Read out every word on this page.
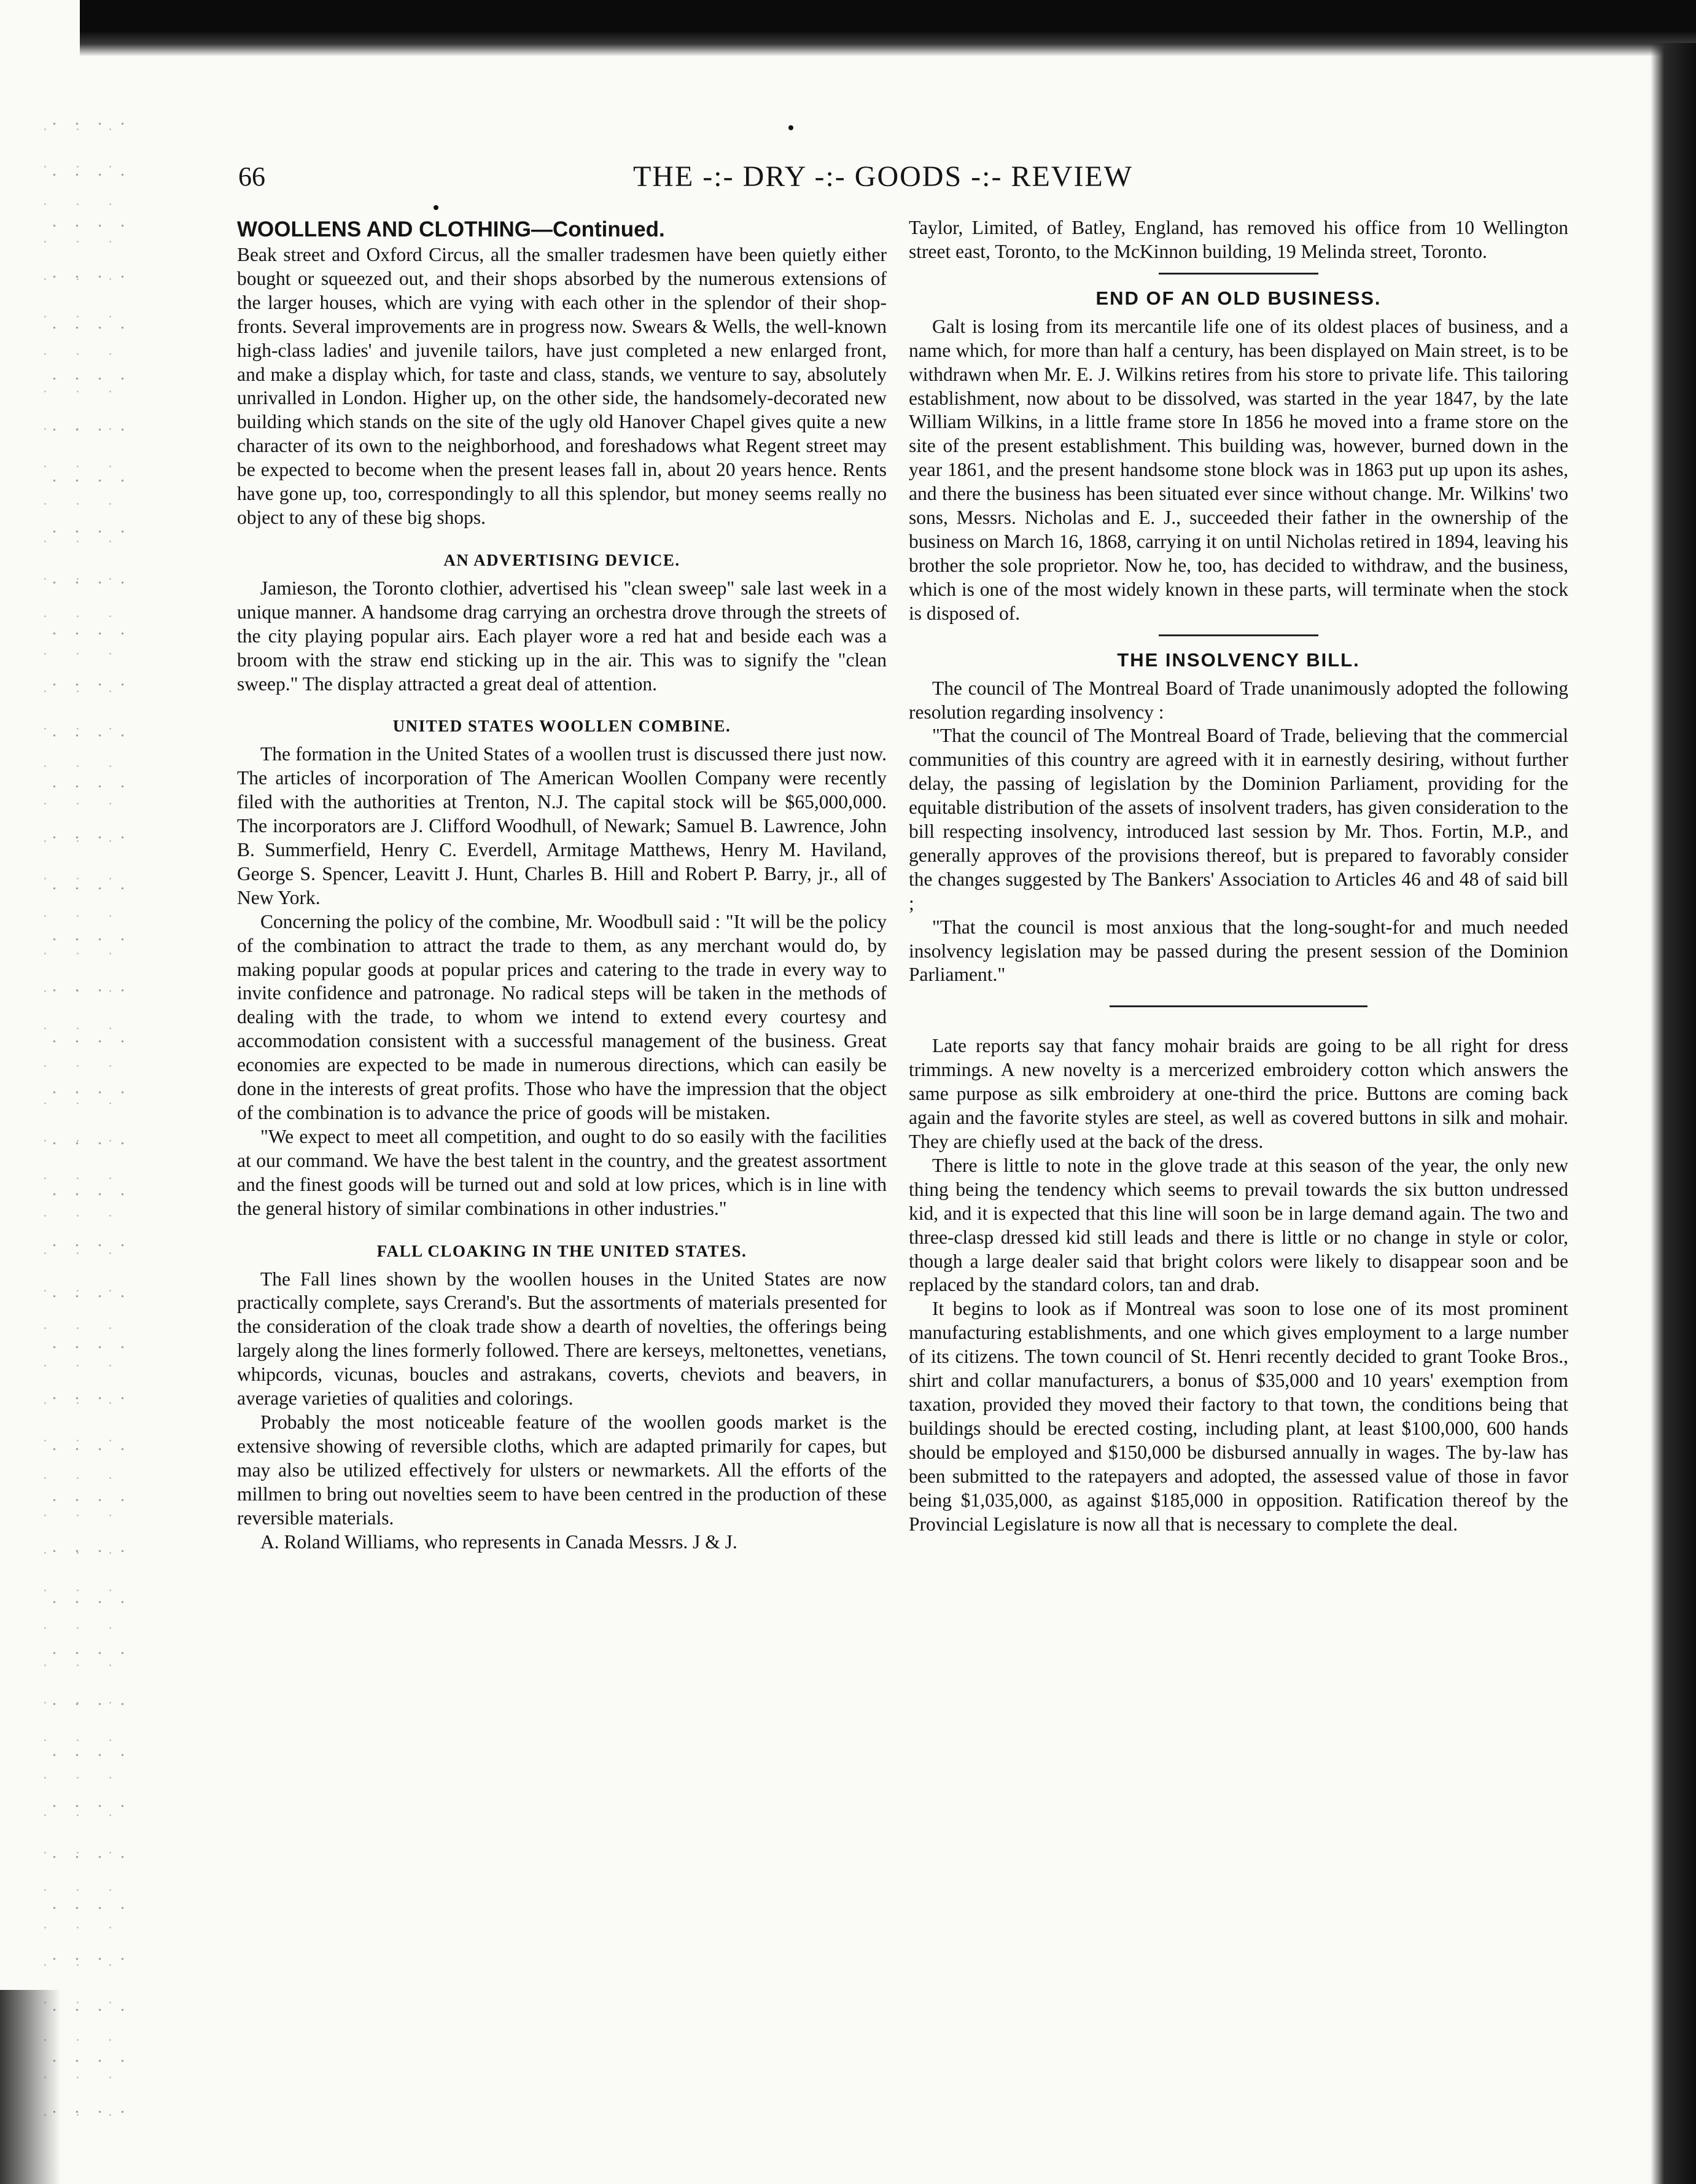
66	THE -:- DRY -:- GOODS -:- REVIEW
WOOLLENS AND CLOTHING—Continued.

Beak street and Oxford Circus, all the smaller tradesmen have been quietly either bought or squeezed out, and their shops absorbed by the numerous extensions of the larger houses, which are vying with each other in the splendor of their shop-fronts. Several improvements are in progress now. Swears & Wells, the well-known high-class ladies' and juvenile tailors, have just completed a new enlarged front, and make a display which, for taste and class, stands, we venture to say, absolutely unrivalled in London. Higher up, on the other side, the handsomely-decorated new building which stands on the site of the ugly old Hanover Chapel gives quite a new character of its own to the neighborhood, and foreshadows what Regent street may be expected to become when the present leases fall in, about 20 years hence. Rents have gone up, too, correspondingly to all this splendor, but money seems really no object to any of these big shops.

AN ADVERTISING DEVICE.

Jamieson, the Toronto clothier, advertised his "clean sweep" sale last week in a unique manner. A handsome drag carrying an orchestra drove through the streets of the city playing popular airs. Each player wore a red hat and beside each was a broom with the straw end sticking up in the air. This was to signify the "clean sweep." The display attracted a great deal of attention.

UNITED STATES WOOLLEN COMBINE.

The formation in the United States of a woollen trust is discussed there just now. The articles of incorporation of The American Woollen Company were recently filed with the authorities at Trenton, N.J. The capital stock will be $65,000,000. The incorporators are J. Clifford Woodhull, of Newark; Samuel B. Lawrence, John B. Summerfield, Henry C. Everdell, Armitage Matthews, Henry M. Haviland, George S. Spencer, Leavitt J. Hunt, Charles B. Hill and Robert P. Barry, jr., all of New York.

Concerning the policy of the combine, Mr. Woodbull said : "It will be the policy of the combination to attract the trade to them, as any merchant would do, by making popular goods at popular prices and catering to the trade in every way to invite confidence and patronage. No radical steps will be taken in the methods of dealing with the trade, to whom we intend to extend every courtesy and accommodation consistent with a successful management of the business. Great economies are expected to be made in numerous directions, which can easily be done in the interests of great profits. Those who have the impression that the object of the combination is to advance the price of goods will be mistaken.

"We expect to meet all competition, and ought to do so easily with the facilities at our command. We have the best talent in the country, and the greatest assortment and the finest goods will be turned out and sold at low prices, which is in line with the general history of similar combinations in other industries."

FALL CLOAKING IN THE UNITED STATES.

The Fall lines shown by the woollen houses in the United States are now practically complete, says Crerand's. But the assortments of materials presented for the consideration of the cloak trade show a dearth of novelties, the offerings being largely along the lines formerly followed. There are kerseys, meltonettes, venetians, whipcords, vicunas, boucles and astrakans, coverts, cheviots and beavers, in average varieties of qualities and colorings.

Probably the most noticeable feature of the woollen goods market is the extensive showing of reversible cloths, which are adapted primarily for capes, but may also be utilized effectively for ulsters or newmarkets. All the efforts of the millmen to bring out novelties seem to have been centred in the production of these reversible materials.

A. Roland Williams, who represents in Canada Messrs. J & J.

Taylor, Limited, of Batley, England, has removed his office from 10 Wellington street east, Toronto, to the McKinnon building, 19 Melinda street, Toronto.

END OF AN OLD BUSINESS.

Galt is losing from its mercantile life one of its oldest places of business, and a name which, for more than half a century, has been displayed on Main street, is to be withdrawn when Mr. E. J. Wilkins retires from his store to private life. This tailoring establishment, now about to be dissolved, was started in the year 1847, by the late William Wilkins, in a little frame store In 1856 he moved into a frame store on the site of the present establishment. This building was, however, burned down in the year 1861, and the present handsome stone block was in 1863 put up upon its ashes, and there the business has been situated ever since without change. Mr. Wilkins' two sons, Messrs. Nicholas and E. J., succeeded their father in the ownership of the business on March 16, 1868, carrying it on until Nicholas retired in 1894, leaving his brother the sole proprietor. Now he, too, has decided to withdraw, and the business, which is one of the most widely known in these parts, will terminate when the stock is disposed of.

THE INSOLVENCY BILL.

The council of The Montreal Board of Trade unanimously adopted the following resolution regarding insolvency :

"That the council of The Montreal Board of Trade, believing that the commercial communities of this country are agreed with it in earnestly desiring, without further delay, the passing of legislation by the Dominion Parliament, providing for the equitable distribution of the assets of insolvent traders, has given consideration to the bill respecting insolvency, introduced last session by Mr. Thos. Fortin, M.P., and generally approves of the provisions thereof, but is prepared to favorably consider the changes suggested by The Bankers' Association to Articles 46 and 48 of said bill ;

"That the council is most anxious that the long-sought-for and much needed insolvency legislation may be passed during the present session of the Dominion Parliament."

Late reports say that fancy mohair braids are going to be all right for dress trimmings. A new novelty is a mercerized embroidery cotton which answers the same purpose as silk embroidery at one-third the price. Buttons are coming back again and the favorite styles are steel, as well as covered buttons in silk and mohair. They are chiefly used at the back of the dress.

There is little to note in the glove trade at this season of the year, the only new thing being the tendency which seems to prevail towards the six button undressed kid, and it is expected that this line will soon be in large demand again. The two and three-clasp dressed kid still leads and there is little or no change in style or color, though a large dealer said that bright colors were likely to disappear soon and be replaced by the standard colors, tan and drab.

It begins to look as if Montreal was soon to lose one of its most prominent manufacturing establishments, and one which gives employment to a large number of its citizens. The town council of St. Henri recently decided to grant Tooke Bros., shirt and collar manufacturers, a bonus of $35,000 and 10 years' exemption from taxation, provided they moved their factory to that town, the conditions being that buildings should be erected costing, including plant, at least $100,000, 600 hands should be employed and $150,000 be disbursed annually in wages. The by-law has been submitted to the ratepayers and adopted, the assessed value of those in favor being $1,035,000, as against $185,000 in opposition. Ratification thereof by the Provincial Legislature is now all that is necessary to complete the deal.
